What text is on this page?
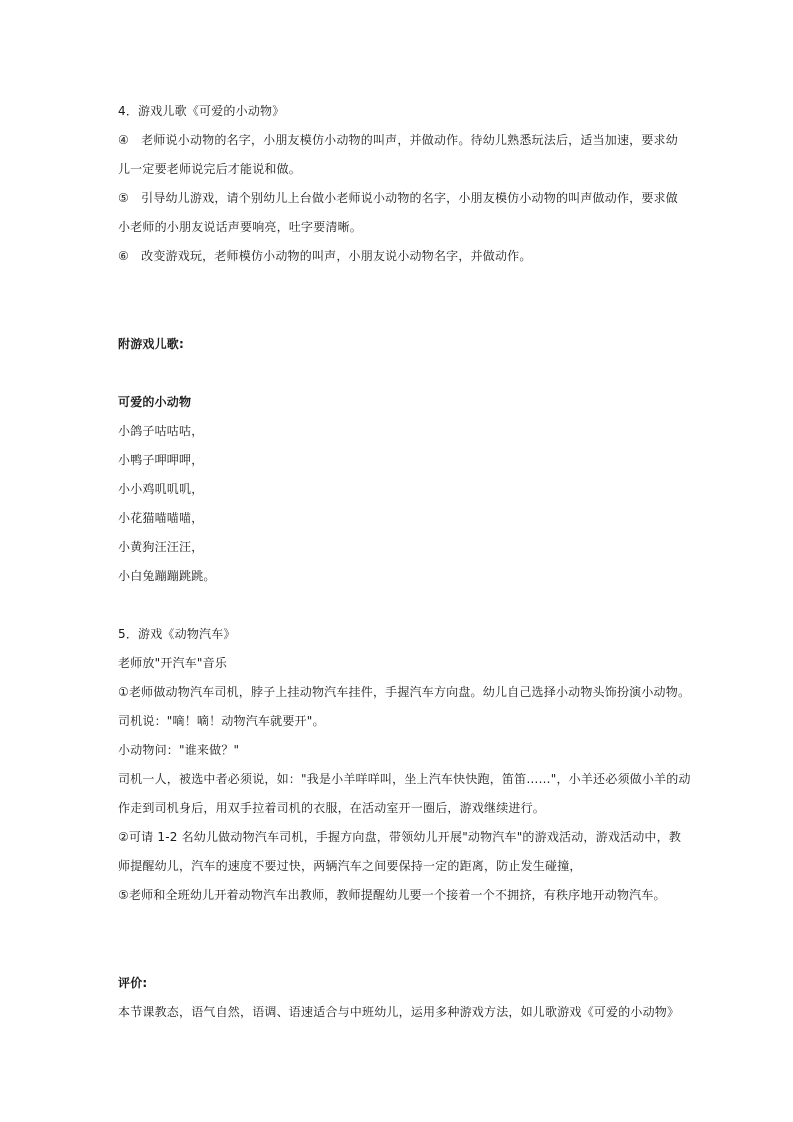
4．游戏儿歌《可爱的小动物》
④　老师说小动物的名字，小朋友模仿小动物的叫声，并做动作。待幼儿熟悉玩法后，适当加速，要求幼
儿一定要老师说完后才能说和做。
⑤　引导幼儿游戏，请个别幼儿上台做小老师说小动物的名字，小朋友模仿小动物的叫声做动作，要求做
小老师的小朋友说话声要响亮，吐字要清晰。
⑥　改变游戏玩，老师模仿小动物的叫声，小朋友说小动物名字，并做动作。
附游戏儿歌:
可爱的小动物
小鸽子咕咕咕，
小鸭子呷呷呷，
小小鸡叽叽叽，
小花猫喵喵喵，
小黄狗汪汪汪，
小白兔蹦蹦跳跳。
5．游戏《动物汽车》
老师放"开汽车"音乐
①老师做动物汽车司机，脖子上挂动物汽车挂件，手握汽车方向盘。幼儿自己选择小动物头饰扮演小动物。
司机说："嘀！嘀！动物汽车就要开"。
小动物问："谁来做？"
司机一人，被选中者必须说，如："我是小羊咩咩叫，坐上汽车快快跑，笛笛……"，小羊还必须做小羊的动
作走到司机身后，用双手拉着司机的衣服，在活动室开一圈后，游戏继续进行。
②可请 1-2 名幼儿做动物汽车司机，手握方向盘，带领幼儿开展"动物汽车"的游戏活动，游戏活动中，教
师提醒幼儿，汽车的速度不要过快，两辆汽车之间要保持一定的距离，防止发生碰撞，
⑤老师和全班幼儿开着动物汽车出教师，教师提醒幼儿要一个接着一个不拥挤，有秩序地开动物汽车。
评价:
本节课教态，语气自然，语调、语速适合与中班幼儿，运用多种游戏方法，如儿歌游戏《可爱的小动物》
